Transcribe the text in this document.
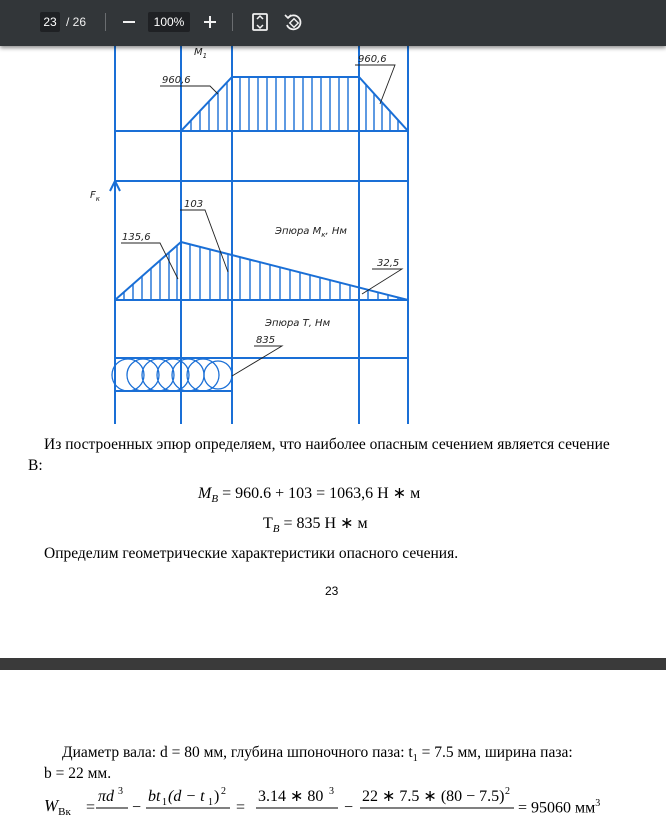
23 / 26	100%
$M_1$
960,6
960,6
$F_к$	103
135,6
Эпюра $М_к$, Нм
32,5
Эпюра Т, Нм
835
Из построенных эпюр определяем, что наиболее опасным сечением является сечение В:
$M_B = 960.6 + 103 = 1063,6$ Н ∗ м
$T_B = 835$ Н ∗ м
Определим геометрические характеристики опасного сечения.
23
Диаметр вала: d = 80 мм, глубина шпоночного паза: $t_1 = 7.5$ мм, ширина паза:
b = 22 мм.
$W_{Вк}$ =
πd 3
−
bt 1 (d − t 1 ) 2
=
3.14 ∗ 80 3
−
22 ∗ 7.5 ∗ (80 − 7.5) 2
= 95060 $мм^3$
